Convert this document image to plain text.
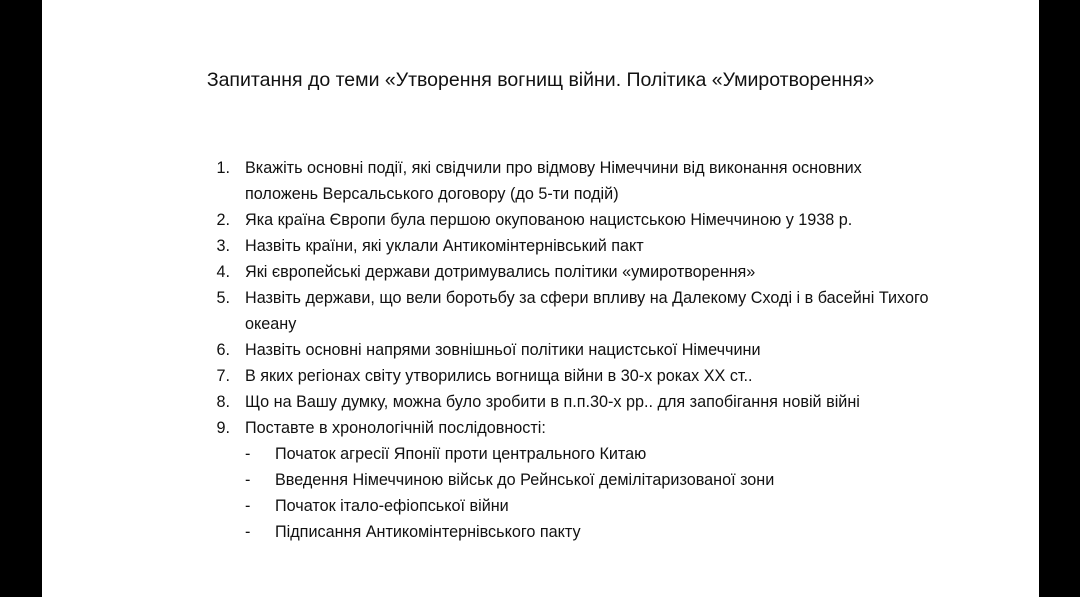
Запитання до теми «Утворення вогнищ війни. Політика «Умиротворення»
1. Вкажіть основні події, які свідчили про відмову Німеччини від виконання основних
положень Версальського договору (до 5-ти подій)
2. Яка країна Європи була першою окупованою нацистською Німеччиною у 1938 р.
3. Назвіть країни, які уклали Антикомінтернівський пакт
4. Які європейські держави дотримувались політики «умиротворення»
5. Назвіть держави, що вели боротьбу за сфери впливу на Далекому Сході і в басейні Тихого
океану
6. Назвіть основні напрями зовнішньої політики нацистської Німеччини
7. В яких регіонах світу утворились вогнища війни в 30-х роках ХХ ст..
8. Що на Вашу думку, можна було зробити в п.п.30-х рр.. для запобігання новій війні
9. Поставте в хронологічній послідовності:
- Початок агресії Японії проти центрального Китаю
- Введення Німеччиною військ до Рейнської демілітаризованої зони
- Початок італо-ефіопської війни
- Підписання Антикомінтернівського пакту
